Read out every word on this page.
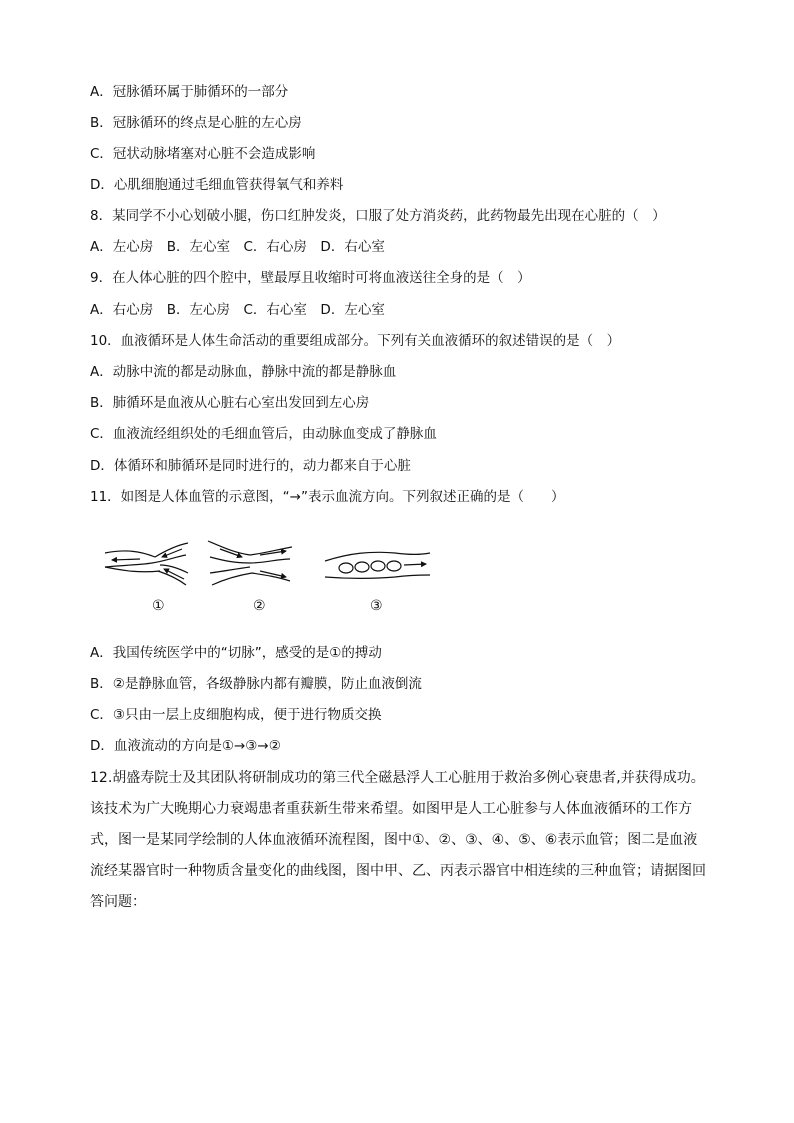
A．冠脉循环属于肺循环的一部分
B．冠脉循环的终点是心脏的左心房
C．冠状动脉堵塞对心脏不会造成影响
D．心肌细胞通过毛细血管获得氧气和养料
8．某同学不小心划破小腿，伤口红肿发炎，口服了处方消炎药，此药物最先出现在心脏的（　）
A．左心房　B．左心室　C．右心房　D．右心室
9．在人体心脏的四个腔中，壁最厚且收缩时可将血液送往全身的是（　）
A．右心房　B．左心房　C．右心室　D．左心室
10．血液循环是人体生命活动的重要组成部分。下列有关血液循环的叙述错误的是（　）
A．动脉中流的都是动脉血，静脉中流的都是静脉血
B．肺循环是血液从心脏右心室出发回到左心房
C．血液流经组织处的毛细血管后，由动脉血变成了静脉血
D．体循环和肺循环是同时进行的，动力都来自于心脏
11．如图是人体血管的示意图，“→”表示血流方向。下列叙述正确的是（　　）
①	②	③
A．我国传统医学中的“切脉”，感受的是①的搏动
B．②是静脉血管，各级静脉内都有瓣膜，防止血液倒流
C．③只由一层上皮细胞构成，便于进行物质交换
D．血液流动的方向是①→③→②
12.胡盛寿院士及其团队将研制成功的第三代全磁悬浮人工心脏用于救治多例心衰患者,并获得成功。该技术为广大晚期心力衰竭患者重获新生带来希望。如图甲是人工心脏参与人体血液循环的工作方式，图一是某同学绘制的人体血液循环流程图，图中①、②、③、④、⑤、⑥表示血管；图二是血液流经某器官时一种物质含量变化的曲线图，图中甲、乙、丙表示器官中相连续的三种血管；请据图回答问题：
